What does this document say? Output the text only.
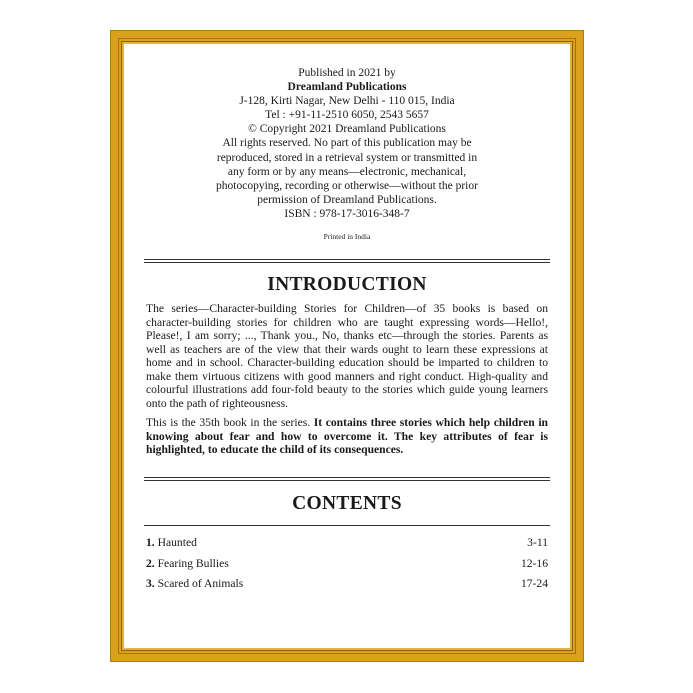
Published in 2021 by
Dreamland Publications
J-128, Kirti Nagar, New Delhi - 110 015, India
Tel : +91-11-2510 6050, 2543 5657
© Copyright 2021 Dreamland Publications
All rights reserved. No part of this publication may be
reproduced, stored in a retrieval system or transmitted in
any form or by any means—electronic, mechanical,
photocopying, recording or otherwise—without the prior
permission of Dreamland Publications.
ISBN : 978-17-3016-348-7
Printed in India
INTRODUCTION

The series—Character-building Stories for Children—of 35 books is based on character-building stories for children who are taught expressing words—Hello!, Please!, I am sorry; ..., Thank you., No, thanks etc—through the stories. Parents as well as teachers are of the view that their wards ought to learn these expressions at home and in school. Character-building education should be imparted to children to make them virtuous citizens with good manners and right conduct. High-quality and colourful illustrations add four-fold beauty to the stories which guide young learners onto the path of righteousness.

This is the 35th book in the series. It contains three stories which help children in knowing about fear and how to overcome it. The key attributes of fear is highlighted, to educate the child of its consequences.

CONTENTS
1. Haunted	3-11
2. Fearing Bullies	12-16
3. Scared of Animals	17-24
